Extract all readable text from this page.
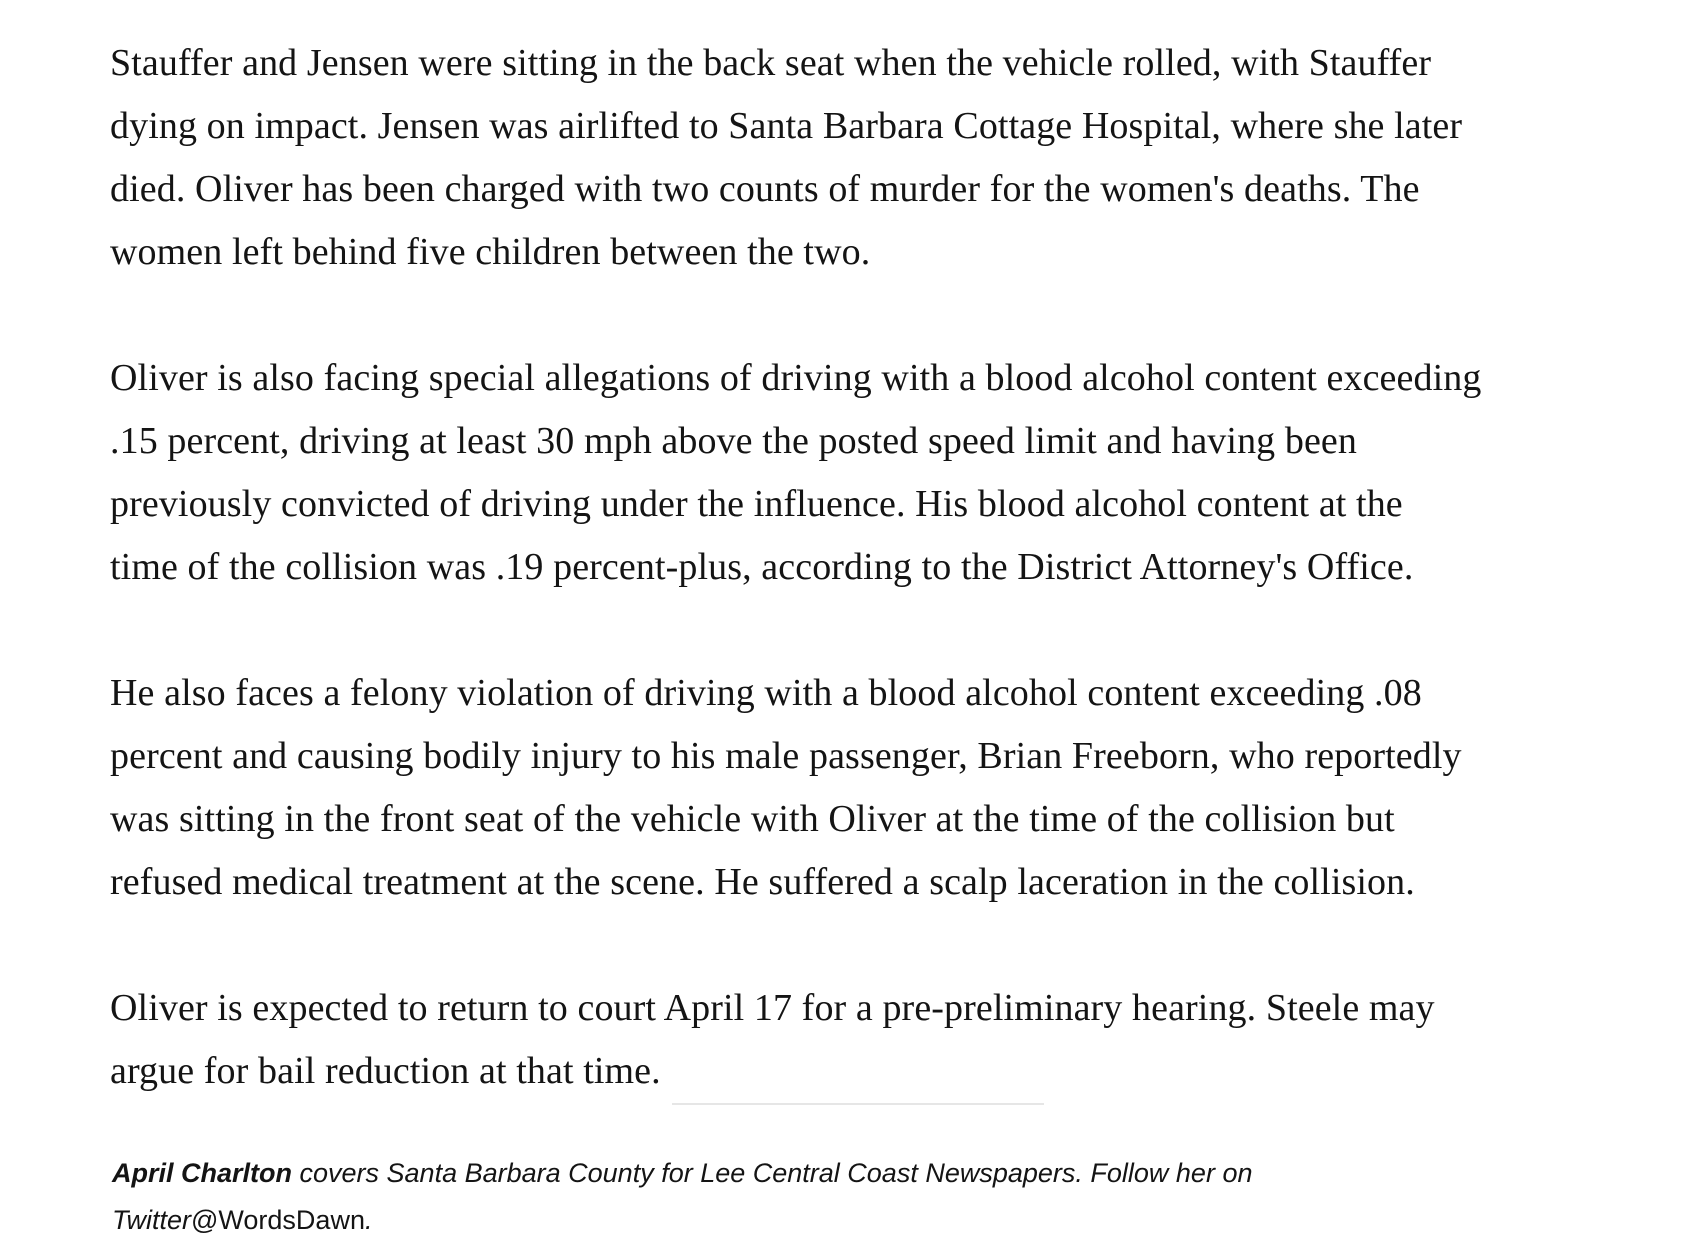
Stauffer and Jensen were sitting in the back seat when the vehicle rolled, with Stauffer
dying on impact. Jensen was airlifted to Santa Barbara Cottage Hospital, where she later
died. Oliver has been charged with two counts of murder for the women's deaths. The
women left behind five children between the two.

Oliver is also facing special allegations of driving with a blood alcohol content exceeding
.15 percent, driving at least 30 mph above the posted speed limit and having been
previously convicted of driving under the influence. His blood alcohol content at the
time of the collision was .19 percent-plus, according to the District Attorney's Office.

He also faces a felony violation of driving with a blood alcohol content exceeding .08
percent and causing bodily injury to his male passenger, Brian Freeborn, who reportedly
was sitting in the front seat of the vehicle with Oliver at the time of the collision but
refused medical treatment at the scene. He suffered a scalp laceration in the collision.

Oliver is expected to return to court April 17 for a pre-preliminary hearing. Steele may
argue for bail reduction at that time.

April Charlton covers Santa Barbara County for Lee Central Coast Newspapers. Follow her on
Twitter@WordsDawn.
